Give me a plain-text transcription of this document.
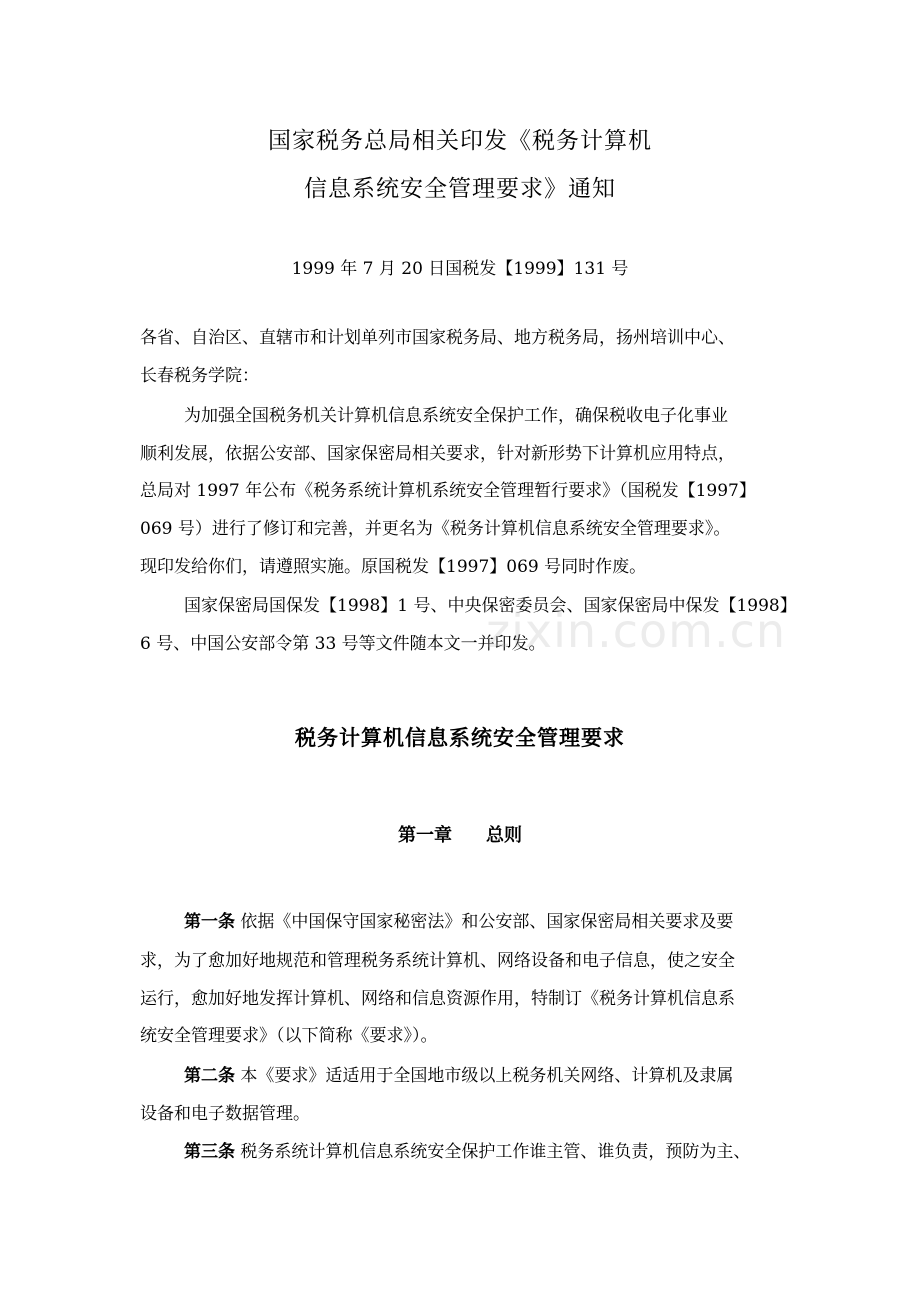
国家税务总局相关印发《税务计算机
信息系统安全管理要求》通知
1999 年 7 月 20 日国税发【1999】131 号
各省、自治区、直辖市和计划单列市国家税务局、地方税务局，扬州培训中心、
长春税务学院：
为加强全国税务机关计算机信息系统安全保护工作，确保税收电子化事业
顺利发展，依据公安部、国家保密局相关要求，针对新形势下计算机应用特点，
总局对 1997 年公布《税务系统计算机系统安全管理暂行要求》（国税发【1997】
069 号）进行了修订和完善，并更名为《税务计算机信息系统安全管理要求》。
现印发给你们，请遵照实施。原国税发【1997】069 号同时作废。
国家保密局国保发【1998】1 号、中央保密委员会、国家保密局中保发【1998】
6 号、中国公安部令第 33 号等文件随本文一并印发。
税务计算机信息系统安全管理要求
第一章 总则
第一条 依据《中国保守国家秘密法》和公安部、国家保密局相关要求及要
求，为了愈加好地规范和管理税务系统计算机、网络设备和电子信息，使之安全
运行，愈加好地发挥计算机、网络和信息资源作用，特制订《税务计算机信息系
统安全管理要求》（以下简称《要求》）。
第二条 本《要求》适适用于全国地市级以上税务机关网络、计算机及隶属
设备和电子数据管理。
第三条 税务系统计算机信息系统安全保护工作谁主管、谁负责，预防为主、
zixin.com.cn
